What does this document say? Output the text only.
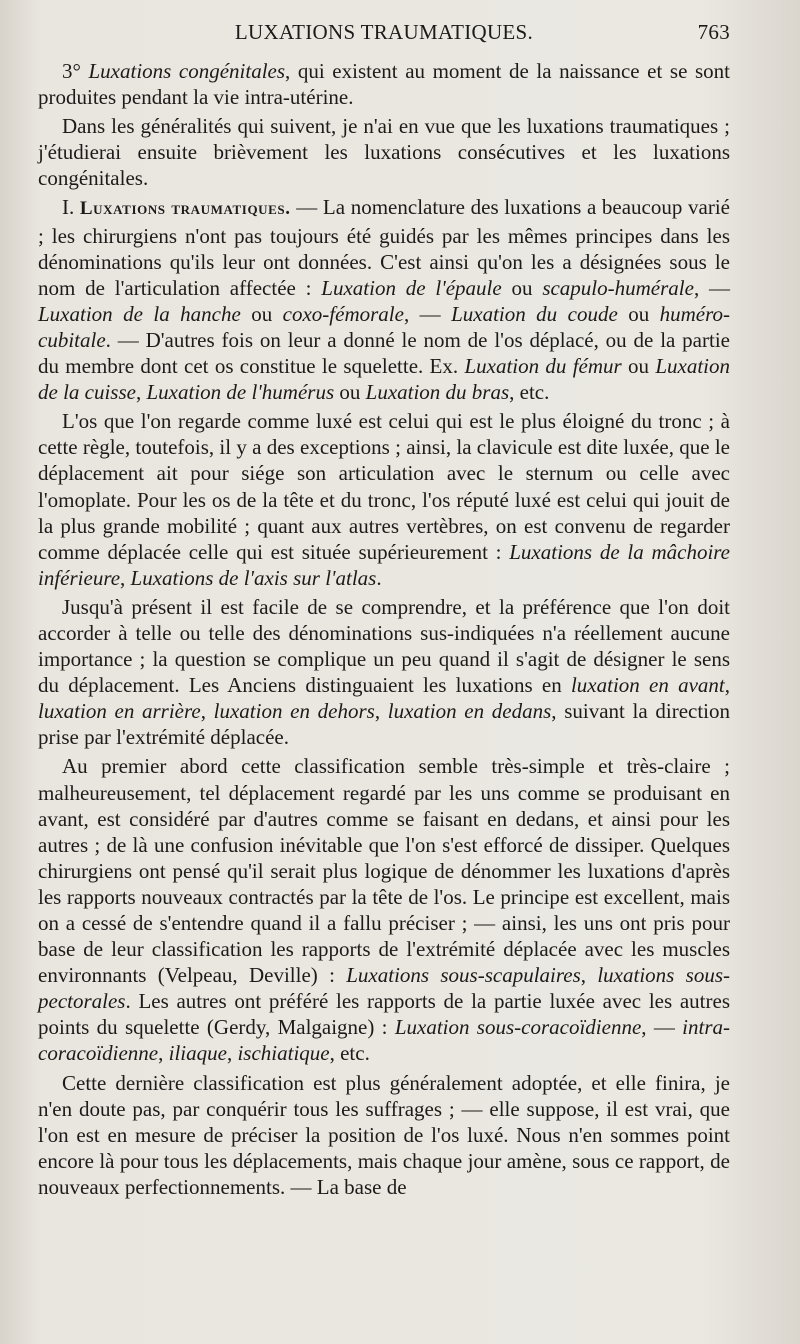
LUXATIONS TRAUMATIQUES.	763

3° Luxations congénitales, qui existent au moment de la naissance et se sont produites pendant la vie intra-utérine.

Dans les généralités qui suivent, je n'ai en vue que les luxations traumatiques ; j'étudierai ensuite brièvement les luxations consécutives et les luxations congénitales.

I. Luxations traumatiques. — La nomenclature des luxations a beaucoup varié ; les chirurgiens n'ont pas toujours été guidés par les mêmes principes dans les dénominations qu'ils leur ont données. C'est ainsi qu'on les a désignées sous le nom de l'articulation affectée : Luxation de l'épaule ou scapulo-humérale, — Luxation de la hanche ou coxo-fémorale, — Luxation du coude ou huméro-cubitale. — D'autres fois on leur a donné le nom de l'os déplacé, ou de la partie du membre dont cet os constitue le squelette. Ex. Luxation du fémur ou Luxation de la cuisse, Luxation de l'humérus ou Luxation du bras, etc.

L'os que l'on regarde comme luxé est celui qui est le plus éloigné du tronc ; à cette règle, toutefois, il y a des exceptions ; ainsi, la clavicule est dite luxée, que le déplacement ait pour siége son articulation avec le sternum ou celle avec l'omoplate. Pour les os de la tête et du tronc, l'os réputé luxé est celui qui jouit de la plus grande mobilité ; quant aux autres vertèbres, on est convenu de regarder comme déplacée celle qui est située supérieurement : Luxations de la mâchoire inférieure, Luxations de l'axis sur l'atlas.

Jusqu'à présent il est facile de se comprendre, et la préférence que l'on doit accorder à telle ou telle des dénominations sus-indiquées n'a réellement aucune importance ; la question se complique un peu quand il s'agit de désigner le sens du déplacement. Les Anciens distinguaient les luxations en luxation en avant, luxation en arrière, luxation en dehors, luxation en dedans, suivant la direction prise par l'extrémité déplacée.

Au premier abord cette classification semble très-simple et très-claire ; malheureusement, tel déplacement regardé par les uns comme se produisant en avant, est considéré par d'autres comme se faisant en dedans, et ainsi pour les autres ; de là une confusion inévitable que l'on s'est efforcé de dissiper. Quelques chirurgiens ont pensé qu'il serait plus logique de dénommer les luxations d'après les rapports nouveaux contractés par la tête de l'os. Le principe est excellent, mais on a cessé de s'entendre quand il a fallu préciser ; — ainsi, les uns ont pris pour base de leur classification les rapports de l'extrémité déplacée avec les muscles environnants (Velpeau, Deville) : Luxations sous-scapulaires, luxations sous-pectorales. Les autres ont préféré les rapports de la partie luxée avec les autres points du squelette (Gerdy, Malgaigne) : Luxation sous-coracoïdienne, — intra-coracoïdienne, iliaque, ischiatique, etc.

Cette dernière classification est plus généralement adoptée, et elle finira, je n'en doute pas, par conquérir tous les suffrages ; — elle suppose, il est vrai, que l'on est en mesure de préciser la position de l'os luxé. Nous n'en sommes point encore là pour tous les déplacements, mais chaque jour amène, sous ce rapport, de nouveaux perfectionnements. — La base de
